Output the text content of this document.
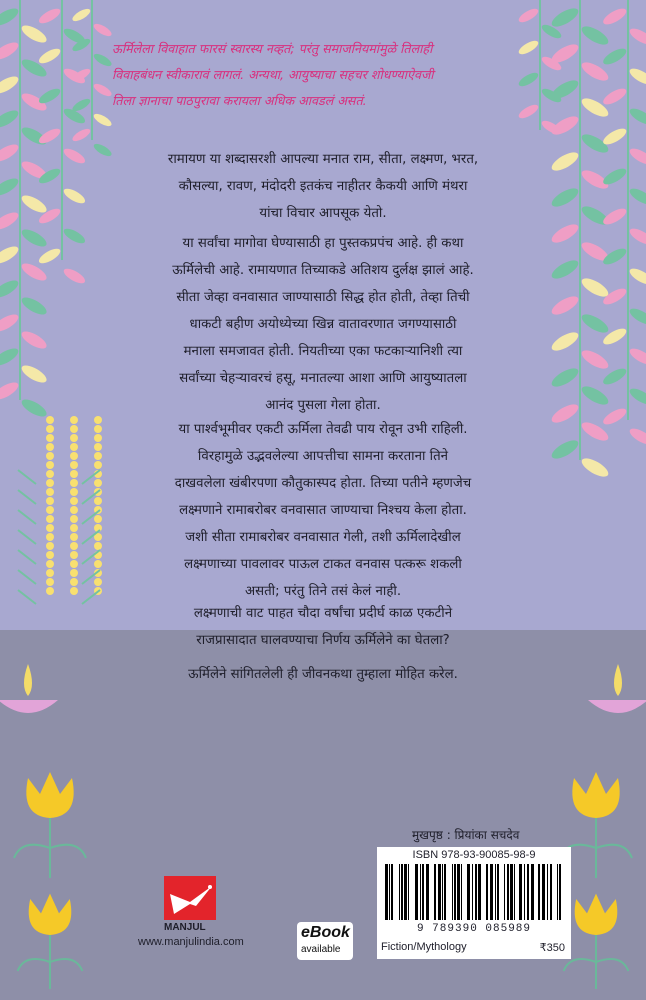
ऊर्मिलेला विवाहात फारसं स्वारस्य नव्हतं; परंतु समाजनियमांमुळे तिलाही
विवाहबंधन स्वीकारावं लागलं. अन्यथा, आयुष्याचा सहचर शोधण्याऐवजी
तिला ज्ञानाचा पाठपुरावा करायला अधिक आवडलं असतं.
रामायण या शब्दासरशी आपल्या मनात राम, सीता, लक्ष्मण, भरत,
कौसल्या, रावण, मंदोदरी इतकंच नाहीतर कैकयी आणि मंथरा
यांचा विचार आपसूक येतो.
या सर्वांचा मागोवा घेण्यासाठी हा पुस्तकप्रपंच आहे. ही कथा
ऊर्मिलेची आहे. रामायणात तिच्याकडे अतिशय दुर्लक्ष झालं आहे.
सीता जेव्हा वनवासात जाण्यासाठी सिद्ध होत होती, तेव्हा तिची
धाकटी बहीण अयोध्येच्या खिन्न वातावरणात जगण्यासाठी
मनाला समजावत होती. नियतीच्या एका फटकाऱ्यानिशी त्या
सर्वांच्या चेहऱ्यावरचं हसू, मनातल्या आशा आणि आयुष्यातला
आनंद पुसला गेला होता.
या पार्श्वभूमीवर एकटी ऊर्मिला तेवढी पाय रोवून उभी राहिली.
विरहामुळे उद्भवलेल्या आपत्तीचा सामना करताना तिने
दाखवलेला खंबीरपणा कौतुकास्पद होता. तिच्या पतीने म्हणजेच
लक्ष्मणाने रामाबरोबर वनवासात जाण्याचा निश्चय केला होता.
जशी सीता रामाबरोबर वनवासात गेली, तशी ऊर्मिलादेखील
लक्ष्मणाच्या पावलावर पाऊल टाकत वनवास पत्करू शकली
असती; परंतु तिने तसं केलं नाही.
लक्ष्मणाची वाट पाहत चौदा वर्षांचा प्रदीर्घ काळ एकटीने
राजप्रासादात घालवण्याचा निर्णय ऊर्मिलेने का घेतला?
ऊर्मिलेने सांगितलेली ही जीवनकथा तुम्हाला मोहित करेल.
मुखपृष्ठ : प्रियांका सचदेव
ISBN 978-93-90085-98-9
9 789390 085989
Fiction/Mythology	₹350
eBook
available
MANJUL
www.manjulindia.com
